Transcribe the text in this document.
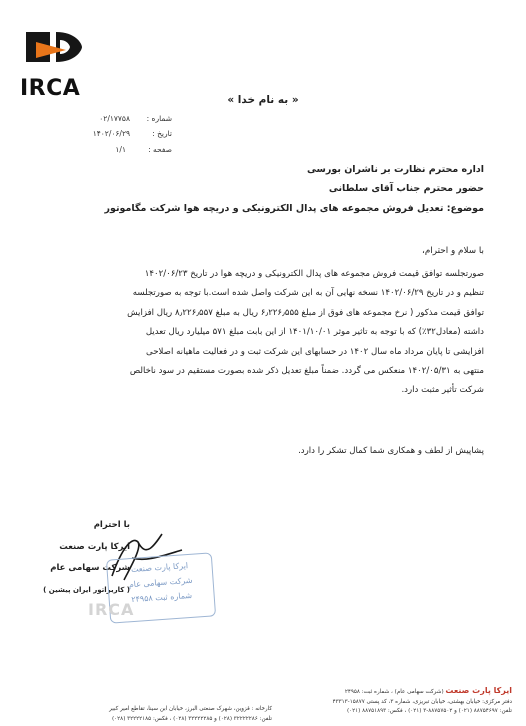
IRCA	« به نام خدا »
شماره :
۰۲/۱۷۷۵۸
تاریخ :
۱۴۰۲/۰۶/۲۹
صفحه :
۱/۱
اداره محترم نظارت بر ناشران بورسی
حضور محترم جناب آقای سلطانی
موضوع: تعدیل فروش مجموعه های پدال الکترونیکی و دریچه هوا شرکت مگاموتور
با سلام و احترام،
صورتجلسه توافق قیمت فروش مجموعه های پدال الکترونیکی و دریچه هوا در تاریخ ۱۴۰۲/۰۶/۲۳
تنظیم و در تاریخ ۱۴۰۲/۰۶/۲۹ نسخه نهایی آن به این شرکت واصل شده است.با توجه به صورتجلسه
توافق قیمت مذکور ( نرخ مجموعه های فوق از مبلغ ۶٫۲۲۶٫۵۵۵ ریال به مبلغ ۸٫۲۲۶٫۵۵۷ ریال افزایش
داشته (معادل۳۲٪) که با توجه به تاثیر موثر ۱۴۰۱/۱۰/۰۱ از این بابت مبلغ ۵۷۱ میلیارد ریال تعدیل
افزایشی تا پایان مرداد ماه سال ۱۴۰۲ در حسابهای این شرکت ثبت و در فعالیت ماهیانه اصلاحی
منتهی به ۱۴۰۲/۰۵/۳۱ منعکس می گردد. ضمناً مبلغ تعدیل ذکر شده بصورت مستقیم در سود ناخالص
شرکت تأثیر مثبت دارد.
پشاپیش از لطف و همکاری شما کمال تشکر را دارد.
با احترام
ایرکا پارت صنعت
شرکت سهامی عام
( کاربراتور ایران پیشین )
ایرکا پارت صنعت
شرکت سهامی عام
شماره ثبت ۲۴۹۵۸
IRCA
ایرکا پارت صنعت (شرکت سهامی عام) ، شماره ثبت: ۲۴۹۵۸
دفتر مرکزی: خیابان بهشتی، خیابان تبریزی، شماره ۳، کد پستی ۱۵۸۷۷-۴۳۳۱۳
تلفن: ۸۸۷۵۴۶۹۷ (۰۲۱) و ۸۸۷۵۷۵۰۲-۳ (۰۲۱) ، فکس: ۸۸۷۵۱۸۹۳ (۰۲۱)
کارخانه : قزوین، شهرک صنعتی البرز، خیابان ابن سینا، تقاطع امیر کبیر
تلفن: ۳۲۲۲۲۲۸۶ (۰۲۸) و ۳۲۲۲۲۲۸۵ (۰۲۸) ، فکس: ۳۲۲۲۲۱۸۵ (۰۲۸)
